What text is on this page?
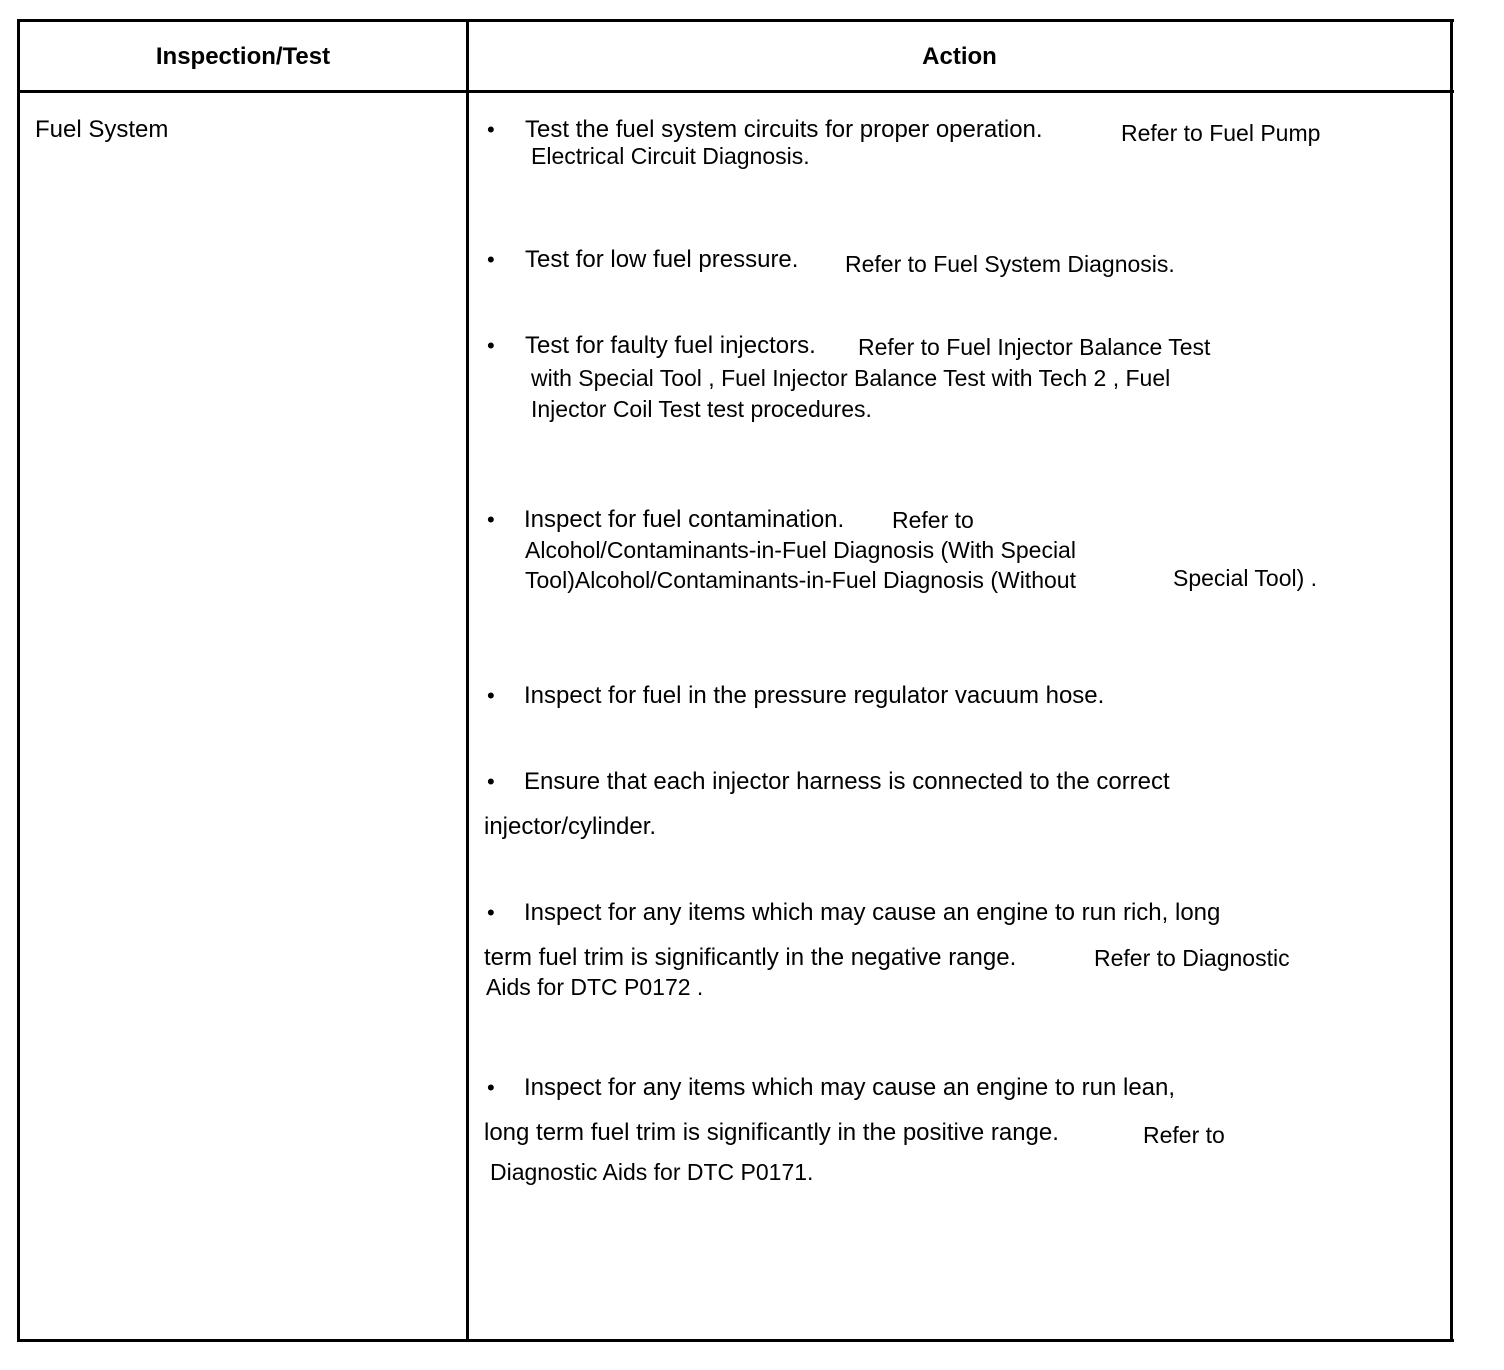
Inspection/Test	Action
Fuel System	• Test the fuel system circuits for proper operation.	Refer to Fuel Pump
Electrical Circuit Diagnosis.
• Test for low fuel pressure. Refer to Fuel System Diagnosis.
• Test for faulty fuel injectors. Refer to Fuel Injector Balance Test
with Special Tool , Fuel Injector Balance Test with Tech 2 , Fuel
Injector Coil Test test procedures.
• Inspect for fuel contamination. Refer to
Alcohol/Contaminants-in-Fuel Diagnosis (With Special
Tool)Alcohol/Contaminants-in-Fuel Diagnosis (Without	Special Tool) .
• Inspect for fuel in the pressure regulator vacuum hose.
• Ensure that each injector harness is connected to the correct
injector/cylinder.
• Inspect for any items which may cause an engine to run rich, long
term fuel trim is significantly in the negative range.	Refer to Diagnostic
Aids for DTC P0172 .
• Inspect for any items which may cause an engine to run lean,
long term fuel trim is significantly in the positive range.	Refer to
Diagnostic Aids for DTC P0171.
